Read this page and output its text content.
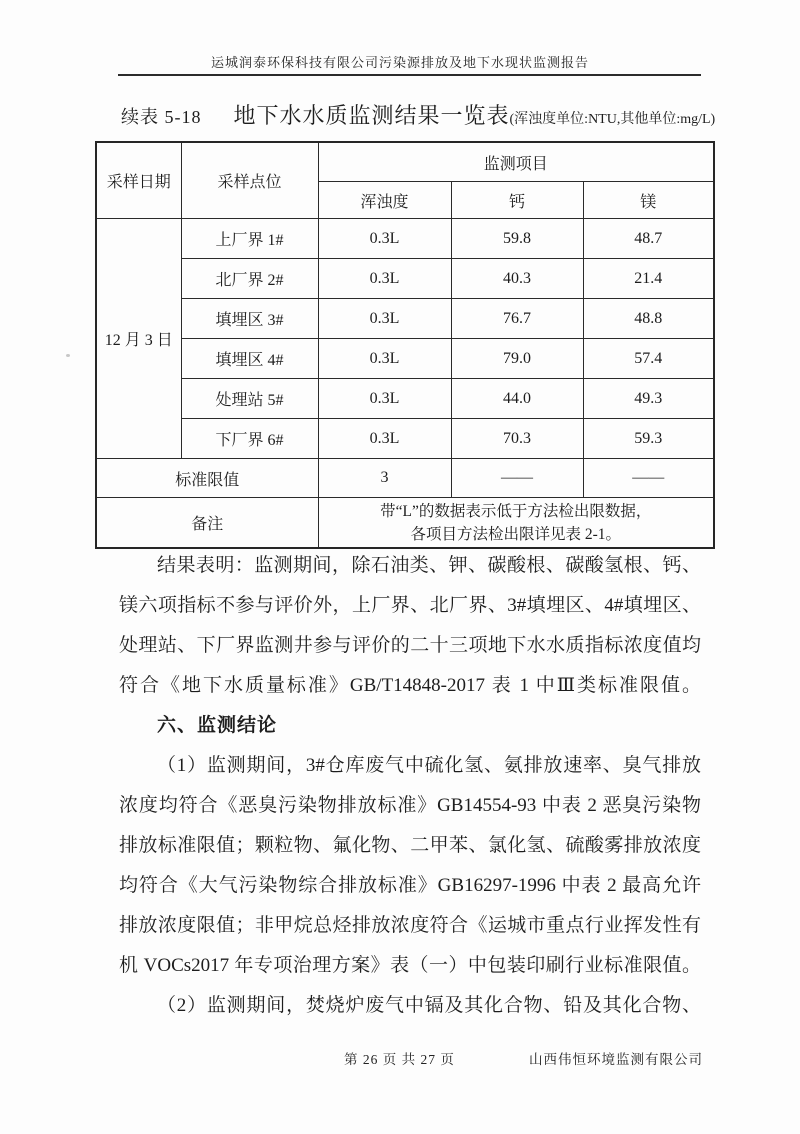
运城润泰环保科技有限公司污染源排放及地下水现状监测报告
续表 5-18 地下水水质监测结果一览表 (浑浊度单位:NTU,其他单位:mg/L)
采样日期	采样点位	监测项目		
		浑浊度	钙	镁
12 月 3 日	上厂界 1#	0.3L	59.8	48.7
	北厂界 2#	0.3L	40.3	21.4
	填埋区 3#	0.3L	76.7	48.8
	填埋区 4#	0.3L	79.0	57.4
	处理站 5#	0.3L	44.0	49.3
	下厂界 6#	0.3L	70.3	59.3
标准限值		3	——	——
备注		带“L”的数据表示低于方法检出限数据，
各项目方法检出限详见表 2-1。		
结果表明：监测期间，除石油类、钾、碳酸根、碳酸氢根、钙、
镁六项指标不参与评价外，上厂界、北厂界、3#填埋区、4#填埋区、
处理站、下厂界监测井参与评价的二十三项地下水水质指标浓度值均
符合《地下水质量标准》GB/T14848-2017 表 1 中Ⅲ类标准限值。
六、监测结论
（1）监测期间，3#仓库废气中硫化氢、氨排放速率、臭气排放
浓度均符合《恶臭污染物排放标准》GB14554-93 中表 2 恶臭污染物
排放标准限值；颗粒物、氟化物、二甲苯、氯化氢、硫酸雾排放浓度
均符合《大气污染物综合排放标准》GB16297-1996 中表 2 最高允许
排放浓度限值；非甲烷总烃排放浓度符合《运城市重点行业挥发性有
机 VOCs2017 年专项治理方案》表（一）中包装印刷行业标准限值。
（2）监测期间，焚烧炉废气中镉及其化合物、铅及其化合物、
第 26 页 共 27 页	山西伟恒环境监测有限公司
